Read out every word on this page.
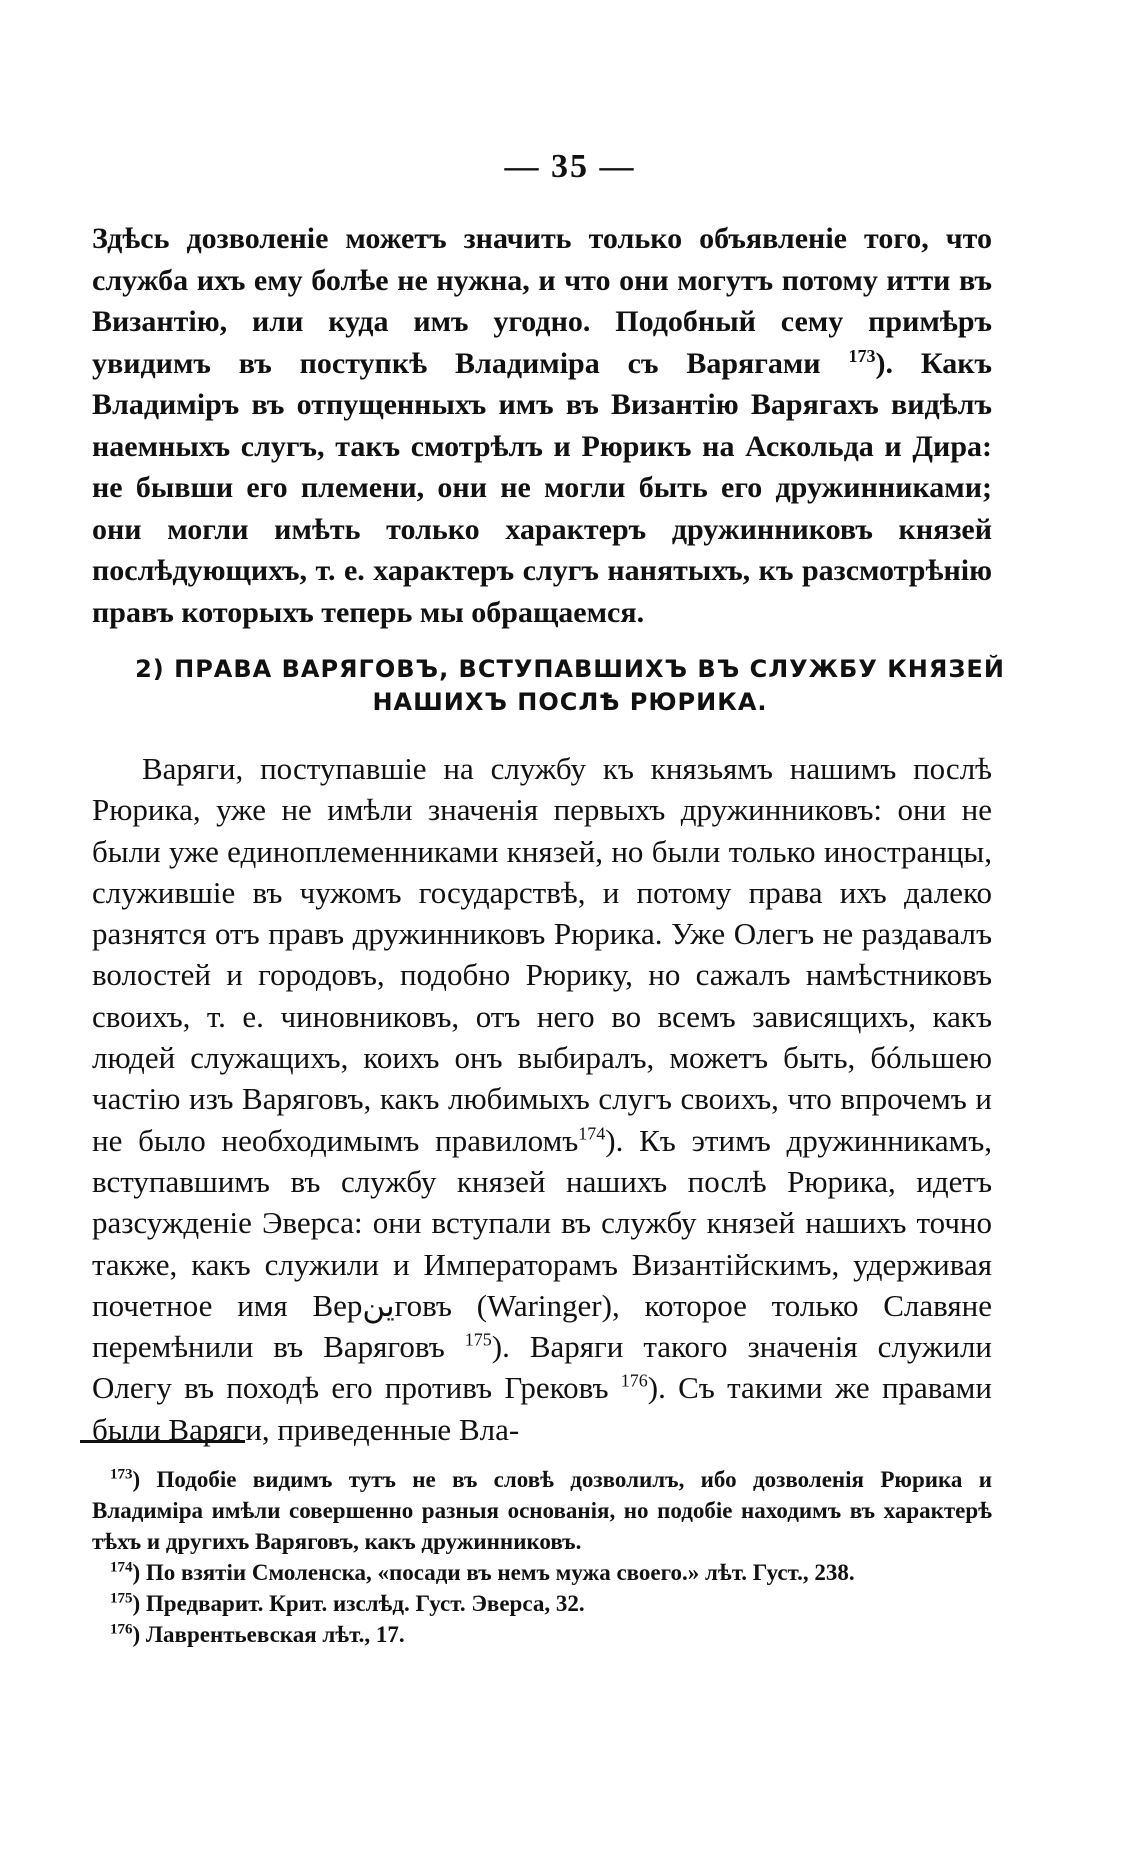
— 35 —

Здѣсь дозволеніе можетъ значить только объявленіе того, что служба ихъ ему болѣе не нужна, и что они могутъ потому итти въ Византію, или куда имъ угодно. Подобный сему примѣръ увидимъ въ поступкѣ Владиміра съ Варягами $^{173}$). Какъ Владиміръ въ отпущенныхъ имъ въ Византію Варягахъ видѣлъ наемныхъ слугъ, такъ смотрѣлъ и Рюрикъ на Аскольда и Дира: не бывши его племени, они не могли быть его дружинниками; они могли имѣть только характеръ дружинниковъ князей послѣдующихъ, т. е. характеръ слугъ нанятыхъ, къ разсмотрѣнію правъ которыхъ теперь мы обращаемся.

2) ПРАВА ВАРЯГОВЪ, ВСТУПАВШИХЪ ВЪ СЛУЖБУ КНЯЗЕЙ
НАШИХЪ ПОСЛѢ РЮРИКА.

Варяги, поступавшіе на службу къ князьямъ нашимъ послѣ Рюрика, уже не имѣли значенія первыхъ дружинниковъ: они не были уже единоплеменниками князей, но были только иностранцы, служившіе въ чужомъ государствѣ, и потому права ихъ далеко разнятся отъ правъ дружинниковъ Рюрика. Уже Олегъ не раздавалъ волостей и городовъ, подобно Рюрику, но сажалъ намѣстниковъ своихъ, т. е. чиновниковъ, отъ него во всемъ зависящихъ, какъ людей служащихъ, коихъ онъ выбиралъ, можетъ быть, бóльшею частію изъ Варяговъ, какъ любимыхъ слугъ своихъ, что впрочемъ и не было необходимымъ правиломъ$^{174}$). Къ этимъ дружинникамъ, вступавшимъ въ службу князей нашихъ послѣ Рюрика, идетъ разсужденіе Эверса: они вступали въ службу князей нашихъ точно также, какъ служили и Императорамъ Византійскимъ, удерживая почетное имя Верينговъ (Waringer), которое только Славяне перемѣнили въ Варяговъ $^{175}$). Варяги такого значенія служили Олегу въ походѣ его противъ Грековъ $^{176}$). Съ такими же правами были Варяги, приведенные Вла-

$^{173}$) Подобіе видимъ тутъ не въ словѣ дозволилъ, ибо дозволенія Рюрика и Владиміра имѣли совершенно разныя основанія, но подобіе находимъ въ характерѣ тѣхъ и другихъ Варяговъ, какъ дружинниковъ.

$^{174}$) По взятіи Смоленска, «посади въ немъ мужа своего.» лѣт. Густ., 238.

$^{175}$) Предварит. Крит. изслѣд. Густ. Эверса, 32.

$^{176}$) Лаврентьевская лѣт., 17.
